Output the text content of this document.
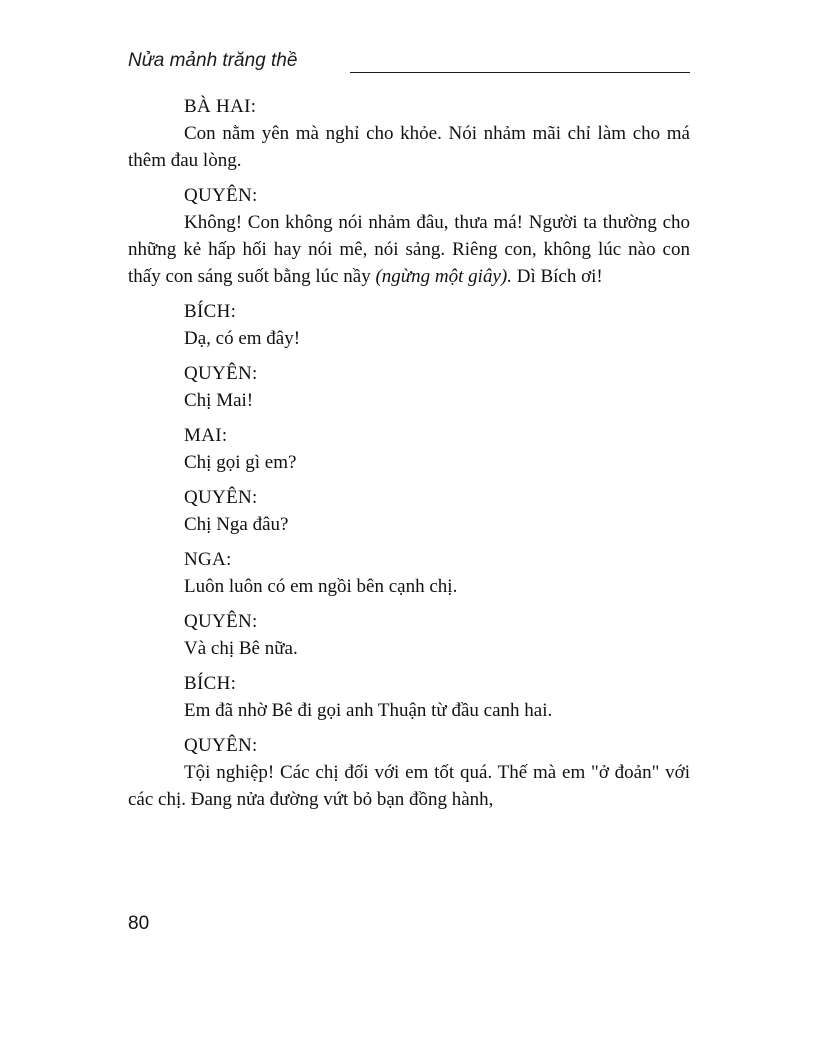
Nửa mảnh trăng thề
BÀ HAI:

Con nằm yên mà nghỉ cho khỏe. Nói nhảm mãi chỉ làm cho má thêm đau lòng.

QUYÊN:

Không! Con không nói nhảm đâu, thưa má! Người ta thường cho những kẻ hấp hối hay nói mê, nói sảng. Riêng con, không lúc nào con thấy con sáng suốt bằng lúc nầy (ngừng một giây). Dì Bích ơi!

BÍCH:

Dạ, có em đây!

QUYÊN:

Chị Mai!

MAI:

Chị gọi gì em?

QUYÊN:

Chị Nga đâu?

NGA:

Luôn luôn có em ngồi bên cạnh chị.

QUYÊN:

Và chị Bê nữa.

BÍCH:

Em đã nhờ Bê đi gọi anh Thuận từ đầu canh hai.

QUYÊN:

Tội nghiệp! Các chị đối với em tốt quá. Thế mà em "ở đoản" với các chị. Đang nửa đường vứt bỏ bạn đồng hành,

80
